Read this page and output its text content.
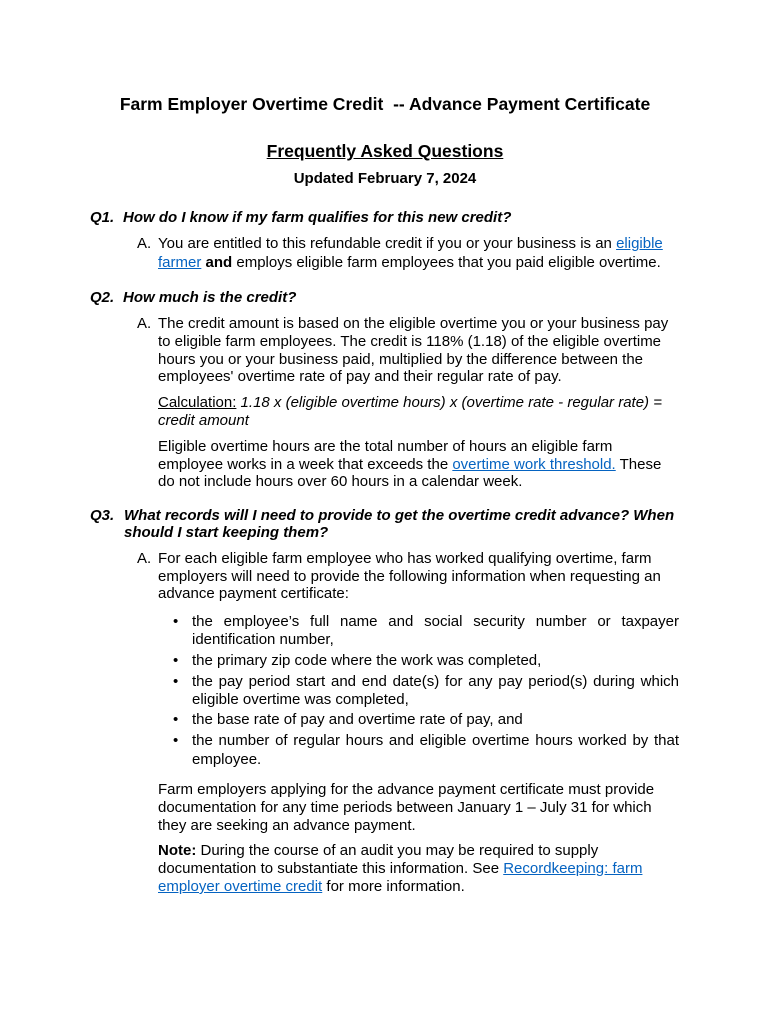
Farm Employer Overtime Credit  -- Advance Payment Certificate
Frequently Asked Questions
Updated February 7, 2024
Q1. How do I know if my farm qualifies for this new credit?
A. You are entitled to this refundable credit if you or your business is an eligible
farmer and employs eligible farm employees that you paid eligible overtime.
Q2. How much is the credit?
A. The credit amount is based on the eligible overtime you or your business pay
to eligible farm employees. The credit is 118% (1.18) of the eligible overtime
hours you or your business paid, multiplied by the difference between the
employees' overtime rate of pay and their regular rate of pay.
Calculation: 1.18 x (eligible overtime hours) x (overtime rate - regular rate) =
credit amount
Eligible overtime hours are the total number of hours an eligible farm
employee works in a week that exceeds the overtime work threshold. These
do not include hours over 60 hours in a calendar week.
Q3. What records will I need to provide to get the overtime credit advance? When
should I start keeping them?
A. For each eligible farm employee who has worked qualifying overtime, farm
employers will need to provide the following information when requesting an
advance payment certificate:
• the employee’s full name and social security number or taxpayer
identification number,
• the primary zip code where the work was completed,
• the pay period start and end date(s) for any pay period(s) during which
eligible overtime was completed,
• the base rate of pay and overtime rate of pay, and
• the number of regular hours and eligible overtime hours worked by that
employee.
Farm employers applying for the advance payment certificate must provide
documentation for any time periods between January 1 – July 31 for which
they are seeking an advance payment.
Note: During the course of an audit you may be required to supply
documentation to substantiate this information. See Recordkeeping: farm
employer overtime credit for more information.
